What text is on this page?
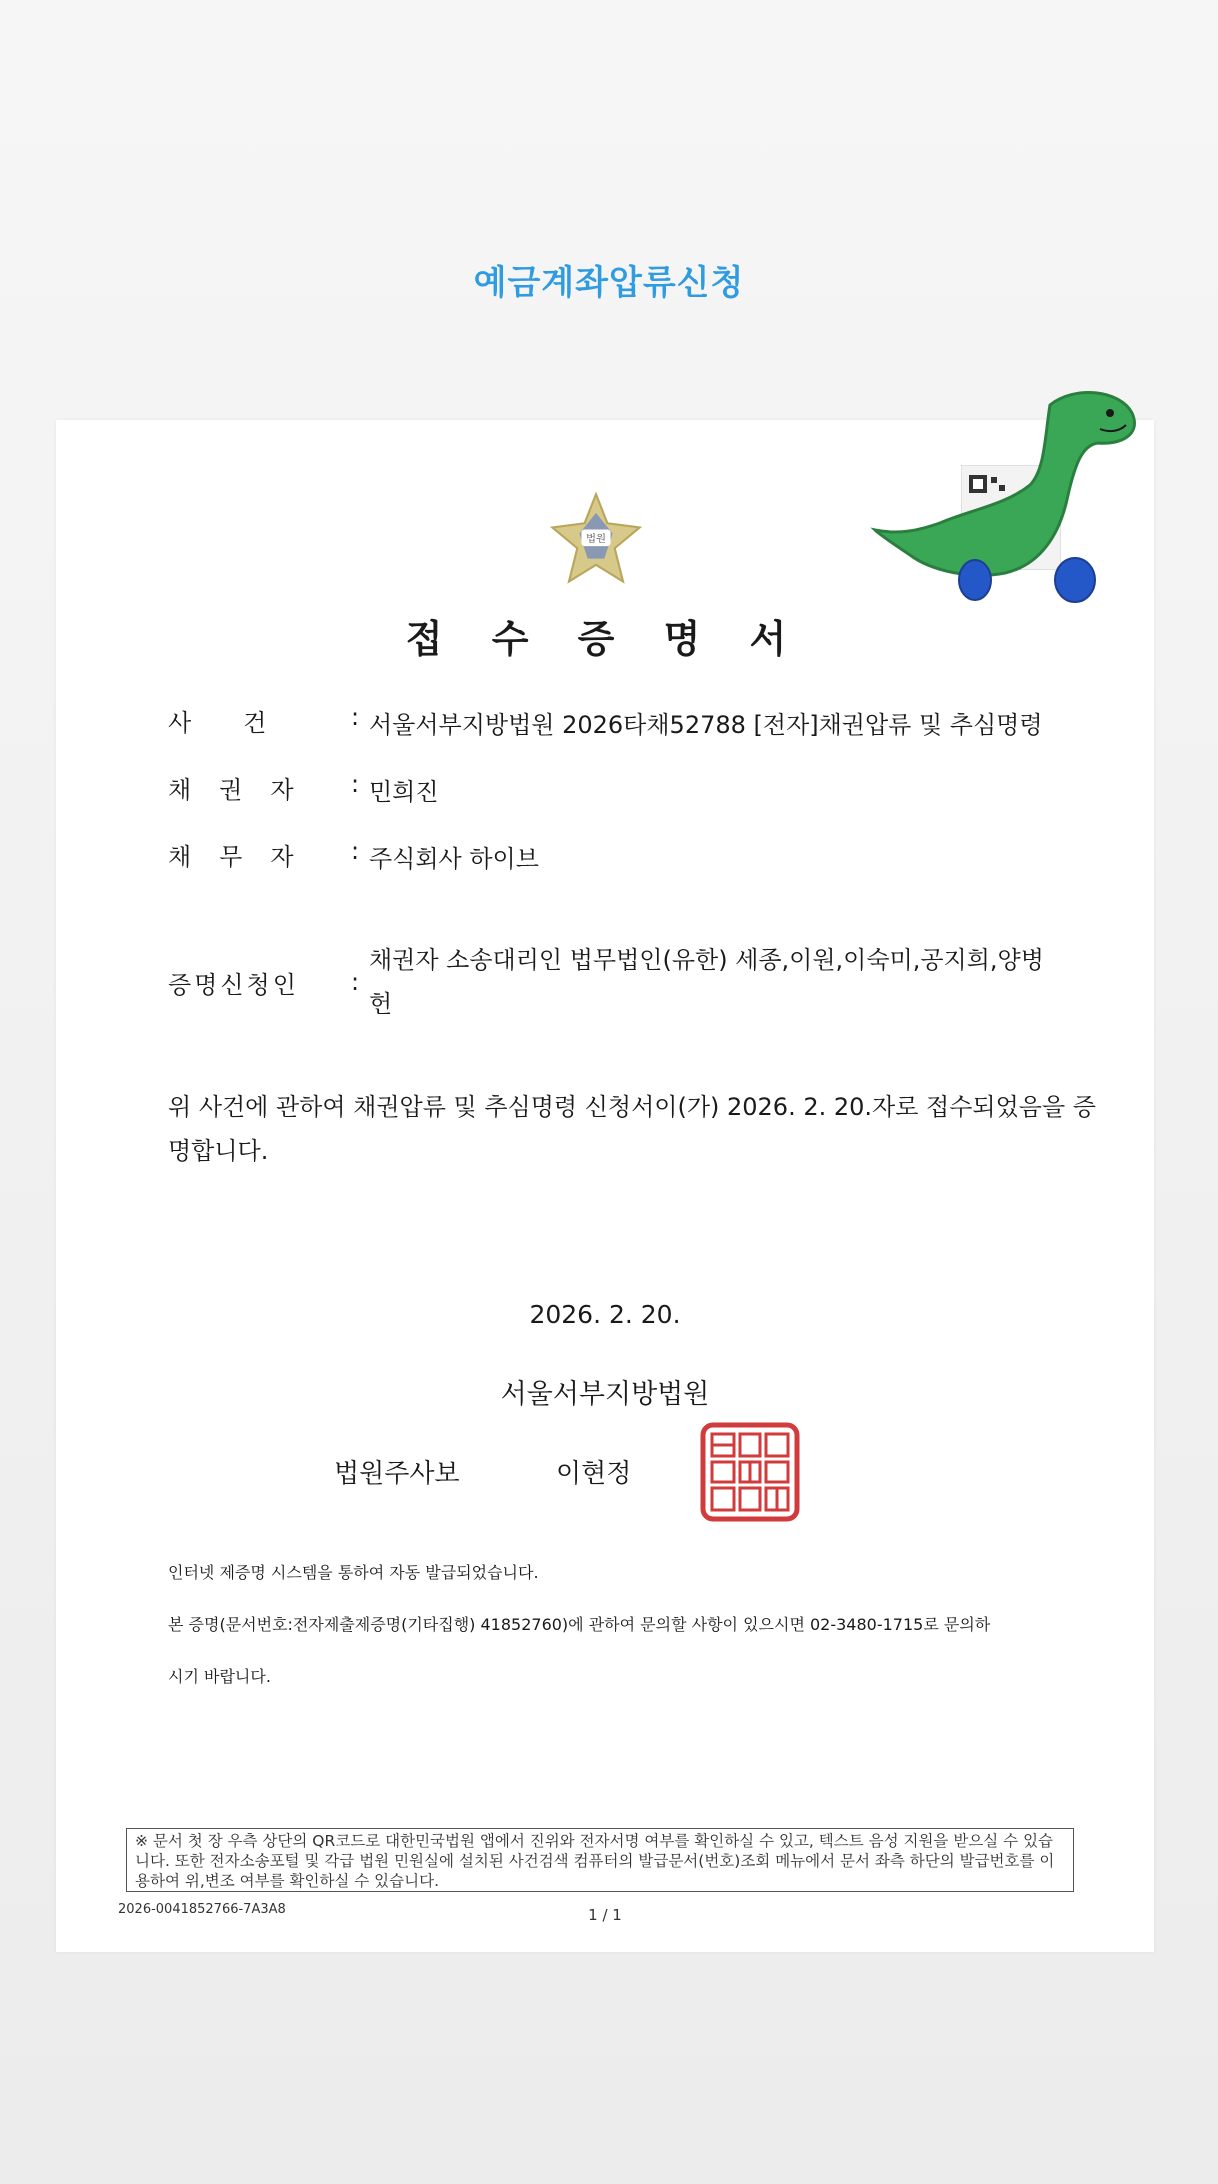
예금계좌압류신청
법원
접 수 증 명 서
사건	: 서울서부지방법원 2026타채52788 [전자]채권압류 및 추심명령
채권자	: 민희진
채무자	: 주식회사 하이브
증명신청인	:
채권자 소송대리인 법무법인(유한) 세종,이원,이숙미,공지희,양병헌
위 사건에 관하여 채권압류 및 추심명령 신청서이(가) 2026. 2. 20.자로 접수되었음을 증명합니다.
2026. 2. 20.
서울서부지방법원
법원주사보	이현정
인터넷 제증명 시스템을 통하여 자동 발급되었습니다.
본 증명(문서번호:전자제출제증명(기타집행) 41852760)에 관하여 문의할 사항이 있으시면 02-3480-1715로 문의하
시기 바랍니다.
※ 문서 첫 장 우측 상단의 QR코드로 대한민국법원 앱에서 진위와 전자서명 여부를 확인하실 수 있고, 텍스트 음성 지원을 받으실 수 있습니다. 또한 전자소송포털 및 각급 법원 민원실에 설치된 사건검색 컴퓨터의 발급문서(번호)조회 메뉴에서 문서 좌측 하단의 발급번호를 이용하여 위,변조 여부를 확인하실 수 있습니다.
2026-0041852766-7A3A8	1 / 1
